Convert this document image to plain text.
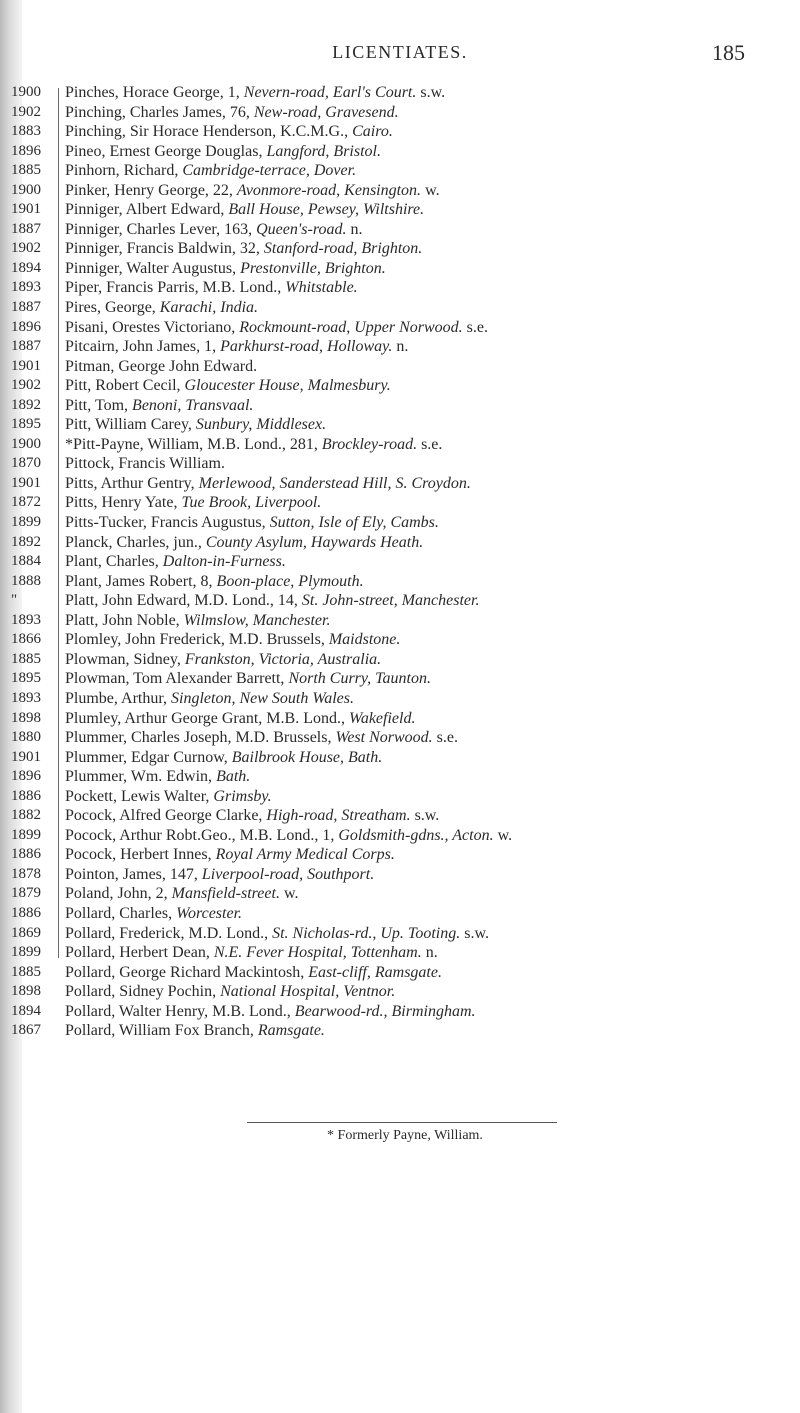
LICENTIATES.	185
1900	Pinches, Horace George, 1, Nevern-road, Earl's Court. s.w.
1902	Pinching, Charles James, 76, New-road, Gravesend.
1883	Pinching, Sir Horace Henderson, K.C.M.G., Cairo.
1896	Pineo, Ernest George Douglas, Langford, Bristol.
1885	Pinhorn, Richard, Cambridge-terrace, Dover.
1900	Pinker, Henry George, 22, Avonmore-road, Kensington. w.
1901	Pinniger, Albert Edward, Ball House, Pewsey, Wiltshire.
1887	Pinniger, Charles Lever, 163, Queen's-road. n.
1902	Pinniger, Francis Baldwin, 32, Stanford-road, Brighton.
1894	Pinniger, Walter Augustus, Prestonville, Brighton.
1893	Piper, Francis Parris, M.B. Lond., Whitstable.
1887	Pires, George, Karachi, India.
1896	Pisani, Orestes Victoriano, Rockmount-road, Upper Norwood. s.e.
1887	Pitcairn, John James, 1, Parkhurst-road, Holloway. n.
1901	Pitman, George John Edward.
1902	Pitt, Robert Cecil, Gloucester House, Malmesbury.
1892	Pitt, Tom, Benoni, Transvaal.
1895	Pitt, William Carey, Sunbury, Middlesex.
1900	*Pitt-Payne, William, M.B. Lond., 281, Brockley-road. s.e.
1870	Pittock, Francis William.
1901	Pitts, Arthur Gentry, Merlewood, Sanderstead Hill, S. Croydon.
1872	Pitts, Henry Yate, Tue Brook, Liverpool.
1899	Pitts-Tucker, Francis Augustus, Sutton, Isle of Ely, Cambs.
1892	Planck, Charles, jun., County Asylum, Haywards Heath.
1884	Plant, Charles, Dalton-in-Furness.
1888	Plant, James Robert, 8, Boon-place, Plymouth.
"	Platt, John Edward, M.D. Lond., 14, St. John-street, Manchester.
1893	Platt, John Noble, Wilmslow, Manchester.
1866	Plomley, John Frederick, M.D. Brussels, Maidstone.
1885	Plowman, Sidney, Frankston, Victoria, Australia.
1895	Plowman, Tom Alexander Barrett, North Curry, Taunton.
1893	Plumbe, Arthur, Singleton, New South Wales.
1898	Plumley, Arthur George Grant, M.B. Lond., Wakefield.
1880	Plummer, Charles Joseph, M.D. Brussels, West Norwood. s.e.
1901	Plummer, Edgar Curnow, Bailbrook House, Bath.
1896	Plummer, Wm. Edwin, Bath.
1886	Pockett, Lewis Walter, Grimsby.
1882	Pocock, Alfred George Clarke, High-road, Streatham. s.w.
1899	Pocock, Arthur Robt.Geo., M.B. Lond., 1, Goldsmith-gdns., Acton. w.
1886	Pocock, Herbert Innes, Royal Army Medical Corps.
1878	Pointon, James, 147, Liverpool-road, Southport.
1879	Poland, John, 2, Mansfield-street. w.
1886	Pollard, Charles, Worcester.
1869	Pollard, Frederick, M.D. Lond., St. Nicholas-rd., Up. Tooting. s.w.
1899	Pollard, Herbert Dean, N.E. Fever Hospital, Tottenham. n.
1885	Pollard, George Richard Mackintosh, East-cliff, Ramsgate.
1898	Pollard, Sidney Pochin, National Hospital, Ventnor.
1894	Pollard, Walter Henry, M.B. Lond., Bearwood-rd., Birmingham.
1867	Pollard, William Fox Branch, Ramsgate.
* Formerly Payne, William.
